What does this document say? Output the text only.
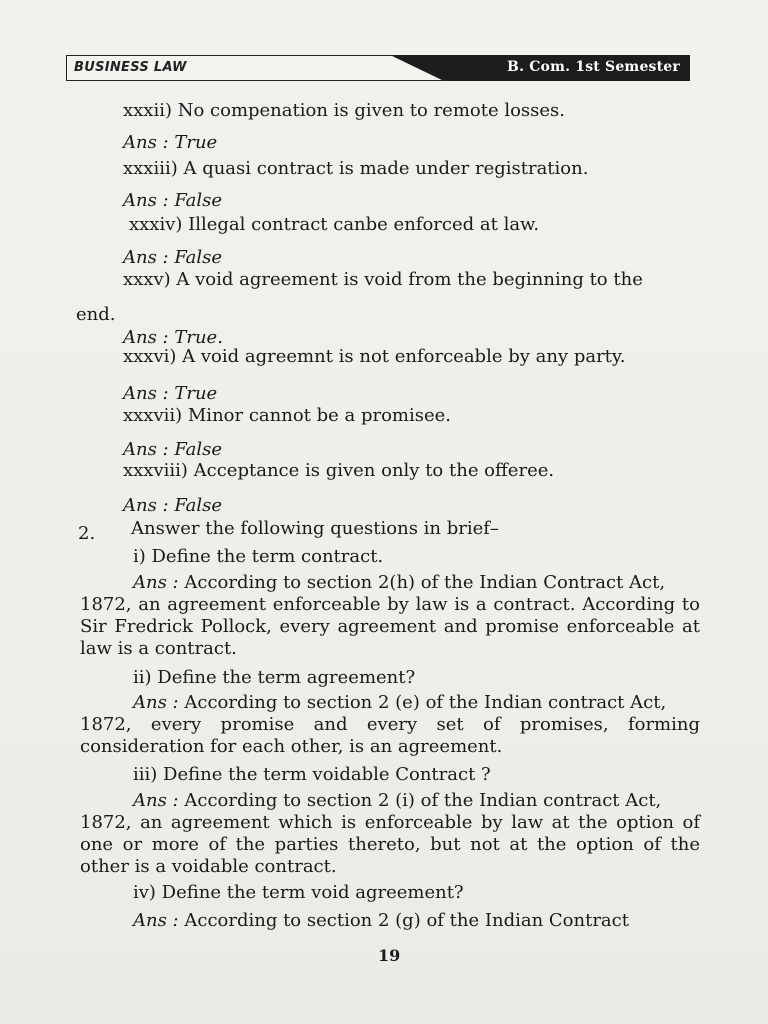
BUSINESS LAW	B. Com. 1st Semester
xxxii) No compenation is given to remote losses.
Ans : True
xxxiii) A quasi contract is made under registration.
Ans : False
xxxiv) Illegal contract canbe enforced at law.
Ans : False
xxxv) A void agreement is void from the beginning to the
end.
Ans : True.
xxxvi) A void agreemnt is not enforceable by any party.
Ans : True
xxxvii) Minor cannot be a promisee.
Ans : False
xxxviii) Acceptance is given only to the offeree.
Ans : False
2. Answer the following questions in brief–
i) Define the term contract.
Ans : According to section 2(h) of the Indian Contract Act,
1872, an agreement enforceable by law is a contract. According to Sir Fredrick Pollock, every agreement and promise enforceable at law is a contract.
ii) Define the term agreement?
Ans : According to section 2 (e) of the Indian contract Act,
1872, every promise and every set of promises, forming consideration for each other, is an agreement.
iii) Define the term voidable Contract ?
Ans : According to section 2 (i) of the Indian contract Act,
1872, an agreement which is enforceable by law at the option of one or more of the parties thereto, but not at the option of the other is a voidable contract.
iv) Define the term void agreement?
Ans : According to section 2 (g) of the Indian Contract
19
